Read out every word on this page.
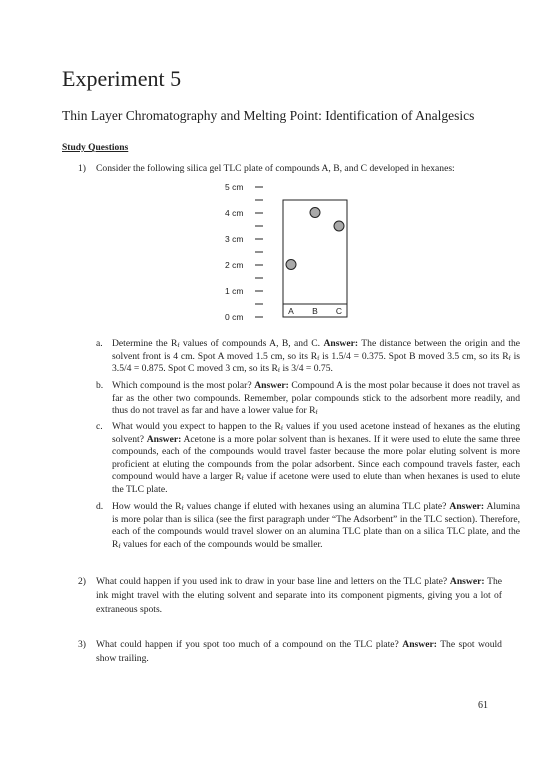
Experiment 5
Thin Layer Chromatography and Melting Point: Identification of Analgesics
Study Questions
1) Consider the following silica gel TLC plate of compounds A, B, and C developed in hexanes:
5 cm
4 cm
3 cm
2 cm
1 cm
0 cm
A B C
a. Determine the $R_f$ values of compounds A, B, and C. Answer: The distance between the origin and the solvent front is 4 cm. Spot A moved 1.5 cm, so its $R_f$ is 1.5/4 = 0.375. Spot B moved 3.5 cm, so its $R_f$ is 3.5/4 = 0.875. Spot C moved 3 cm, so its $R_f$ is 3/4 = 0.75.
b. Which compound is the most polar? Answer: Compound A is the most polar because it does not travel as far as the other two compounds. Remember, polar compounds stick to the adsorbent more readily, and thus do not travel as far and have a lower value for $R_f$
c. What would you expect to happen to the $R_f$ values if you used acetone instead of hexanes as the eluting solvent? Answer: Acetone is a more polar solvent than is hexanes. If it were used to elute the same three compounds, each of the compounds would travel faster because the more polar eluting solvent is more proficient at eluting the compounds from the polar adsorbent. Since each compound travels faster, each compound would have a larger $R_f$ value if acetone were used to elute than when hexanes is used to elute the TLC plate.
d. How would the $R_f$ values change if eluted with hexanes using an alumina TLC plate? Answer: Alumina is more polar than is silica (see the first paragraph under “The Adsorbent” in the TLC section). Therefore, each of the compounds would travel slower on an alumina TLC plate than on a silica TLC plate, and the $R_f$ values for each of the compounds would be smaller.
2) What could happen if you used ink to draw in your base line and letters on the TLC plate? Answer: The ink might travel with the eluting solvent and separate into its component pigments, giving you a lot of extraneous spots.
3) What could happen if you spot too much of a compound on the TLC plate? Answer: The spot would show trailing.
61
